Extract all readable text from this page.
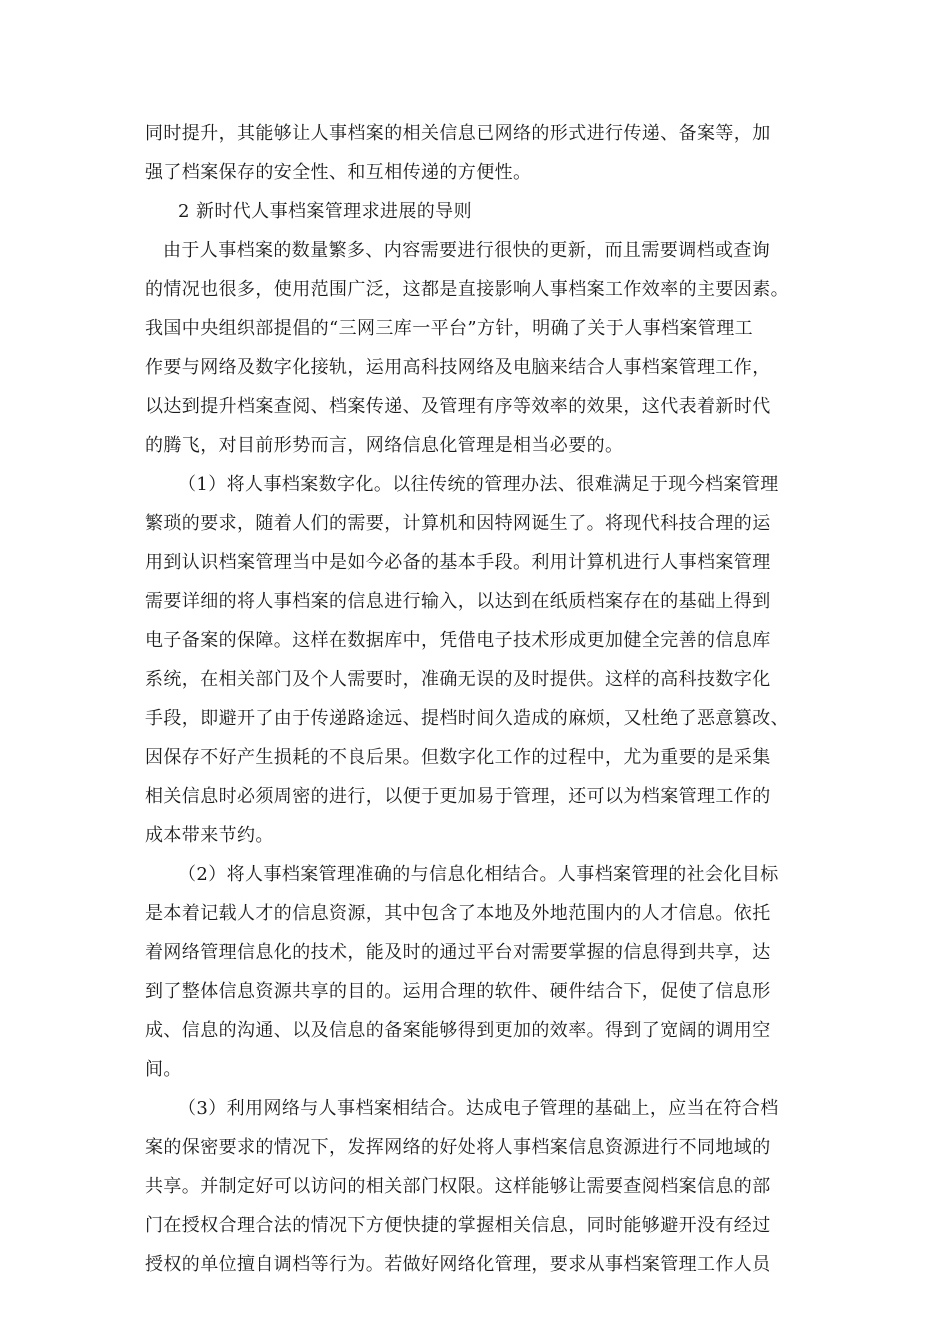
同时提升，其能够让人事档案的相关信息已网络的形式进行传递、备案等，加
强了档案保存的安全性、和互相传递的方便性。
2 新时代人事档案管理求进展的导则
由于人事档案的数量繁多、内容需要进行很快的更新，而且需要调档或查询
的情况也很多，使用范围广泛，这都是直接影响人事档案工作效率的主要因素。
我国中央组织部提倡的“三网三库一平台”方针，明确了关于人事档案管理工
作要与网络及数字化接轨，运用高科技网络及电脑来结合人事档案管理工作，
以达到提升档案查阅、档案传递、及管理有序等效率的效果，这代表着新时代
的腾飞，对目前形势而言，网络信息化管理是相当必要的。
（1）将人事档案数字化。以往传统的管理办法、很难满足于现今档案管理
繁琐的要求，随着人们的需要，计算机和因特网诞生了。将现代科技合理的运
用到认识档案管理当中是如今必备的基本手段。利用计算机进行人事档案管理
需要详细的将人事档案的信息进行输入，以达到在纸质档案存在的基础上得到
电子备案的保障。这样在数据库中，凭借电子技术形成更加健全完善的信息库
系统，在相关部门及个人需要时，准确无误的及时提供。这样的高科技数字化
手段，即避开了由于传递路途远、提档时间久造成的麻烦，又杜绝了恶意篡改、
因保存不好产生损耗的不良后果。但数字化工作的过程中，尤为重要的是采集
相关信息时必须周密的进行，以便于更加易于管理，还可以为档案管理工作的
成本带来节约。
（2）将人事档案管理准确的与信息化相结合。人事档案管理的社会化目标
是本着记载人才的信息资源，其中包含了本地及外地范围内的人才信息。依托
着网络管理信息化的技术，能及时的通过平台对需要掌握的信息得到共享，达
到了整体信息资源共享的目的。运用合理的软件、硬件结合下，促使了信息形
成、信息的沟通、以及信息的备案能够得到更加的效率。得到了宽阔的调用空
间。
（3）利用网络与人事档案相结合。达成电子管理的基础上，应当在符合档
案的保密要求的情况下，发挥网络的好处将人事档案信息资源进行不同地域的
共享。并制定好可以访问的相关部门权限。这样能够让需要查阅档案信息的部
门在授权合理合法的情况下方便快捷的掌握相关信息，同时能够避开没有经过
授权的单位擅自调档等行为。若做好网络化管理，要求从事档案管理工作人员
